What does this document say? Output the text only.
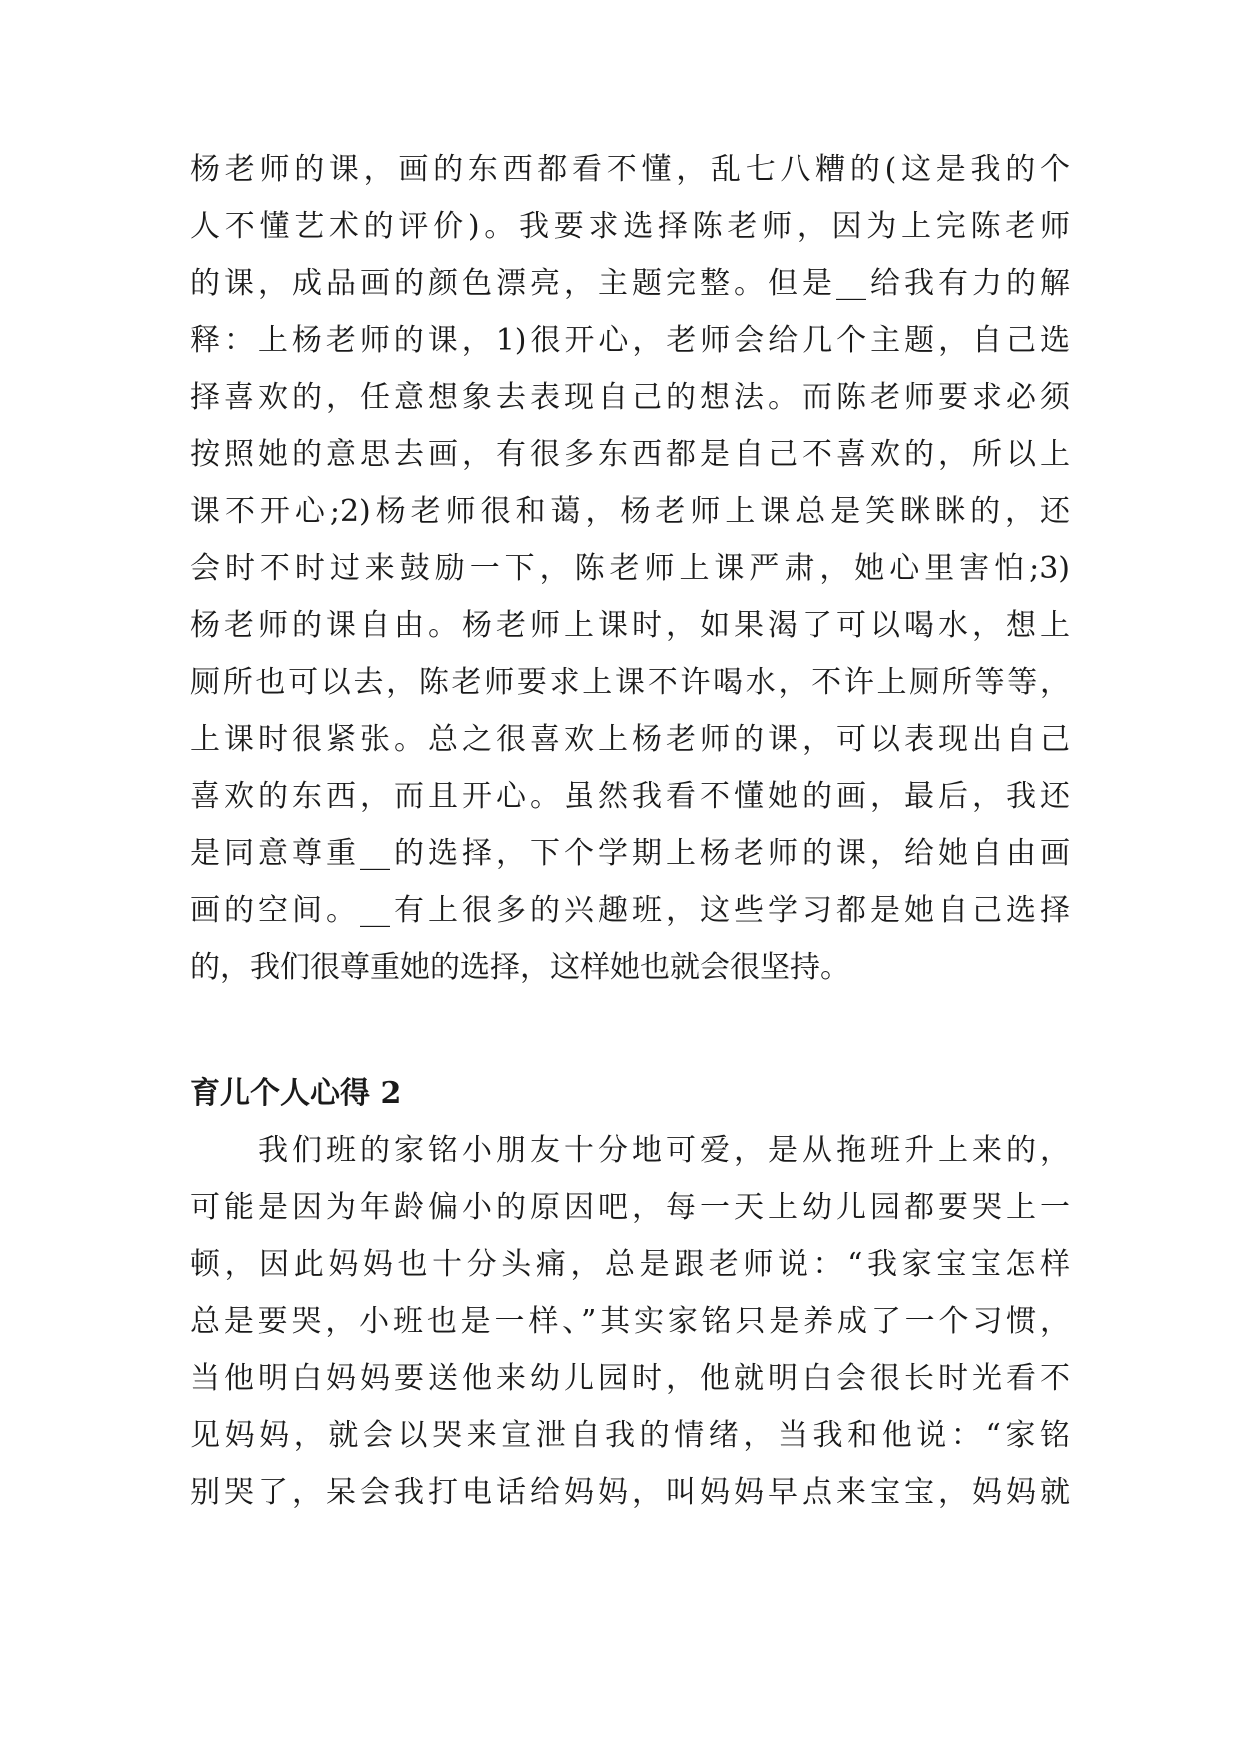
杨老师的课，画的东西都看不懂，乱七八糟的(这是我的个

人不懂艺术的评价)。我要求选择陈老师，因为上完陈老师

的课，成品画的颜色漂亮，主题完整。但是__给我有力的解

释：上杨老师的课，1)很开心，老师会给几个主题，自己选

择喜欢的，任意想象去表现自己的想法。而陈老师要求必须

按照她的意思去画，有很多东西都是自己不喜欢的，所以上

课不开心;2)杨老师很和蔼，杨老师上课总是笑眯眯的，还

会时不时过来鼓励一下，陈老师上课严肃，她心里害怕;3)

杨老师的课自由。杨老师上课时，如果渴了可以喝水，想上

厕所也可以去，陈老师要求上课不许喝水，不许上厕所等等，

上课时很紧张。总之很喜欢上杨老师的课，可以表现出自己

喜欢的东西，而且开心。虽然我看不懂她的画，最后，我还

是同意尊重__的选择，下个学期上杨老师的课，给她自由画

画的空间。__有上很多的兴趣班，这些学习都是她自己选择

的，我们很尊重她的选择，这样她也就会很坚持。

育儿个人心得 2

我们班的家铭小朋友十分地可爱，是从拖班升上来的，

可能是因为年龄偏小的原因吧，每一天上幼儿园都要哭上一

顿，因此妈妈也十分头痛，总是跟老师说：“我家宝宝怎样

总是要哭，小班也是一样、”其实家铭只是养成了一个习惯，

当他明白妈妈要送他来幼儿园时，他就明白会很长时光看不

见妈妈，就会以哭来宣泄自我的情绪，当我和他说：“家铭

别哭了，呆会我打电话给妈妈，叫妈妈早点来宝宝，妈妈就
